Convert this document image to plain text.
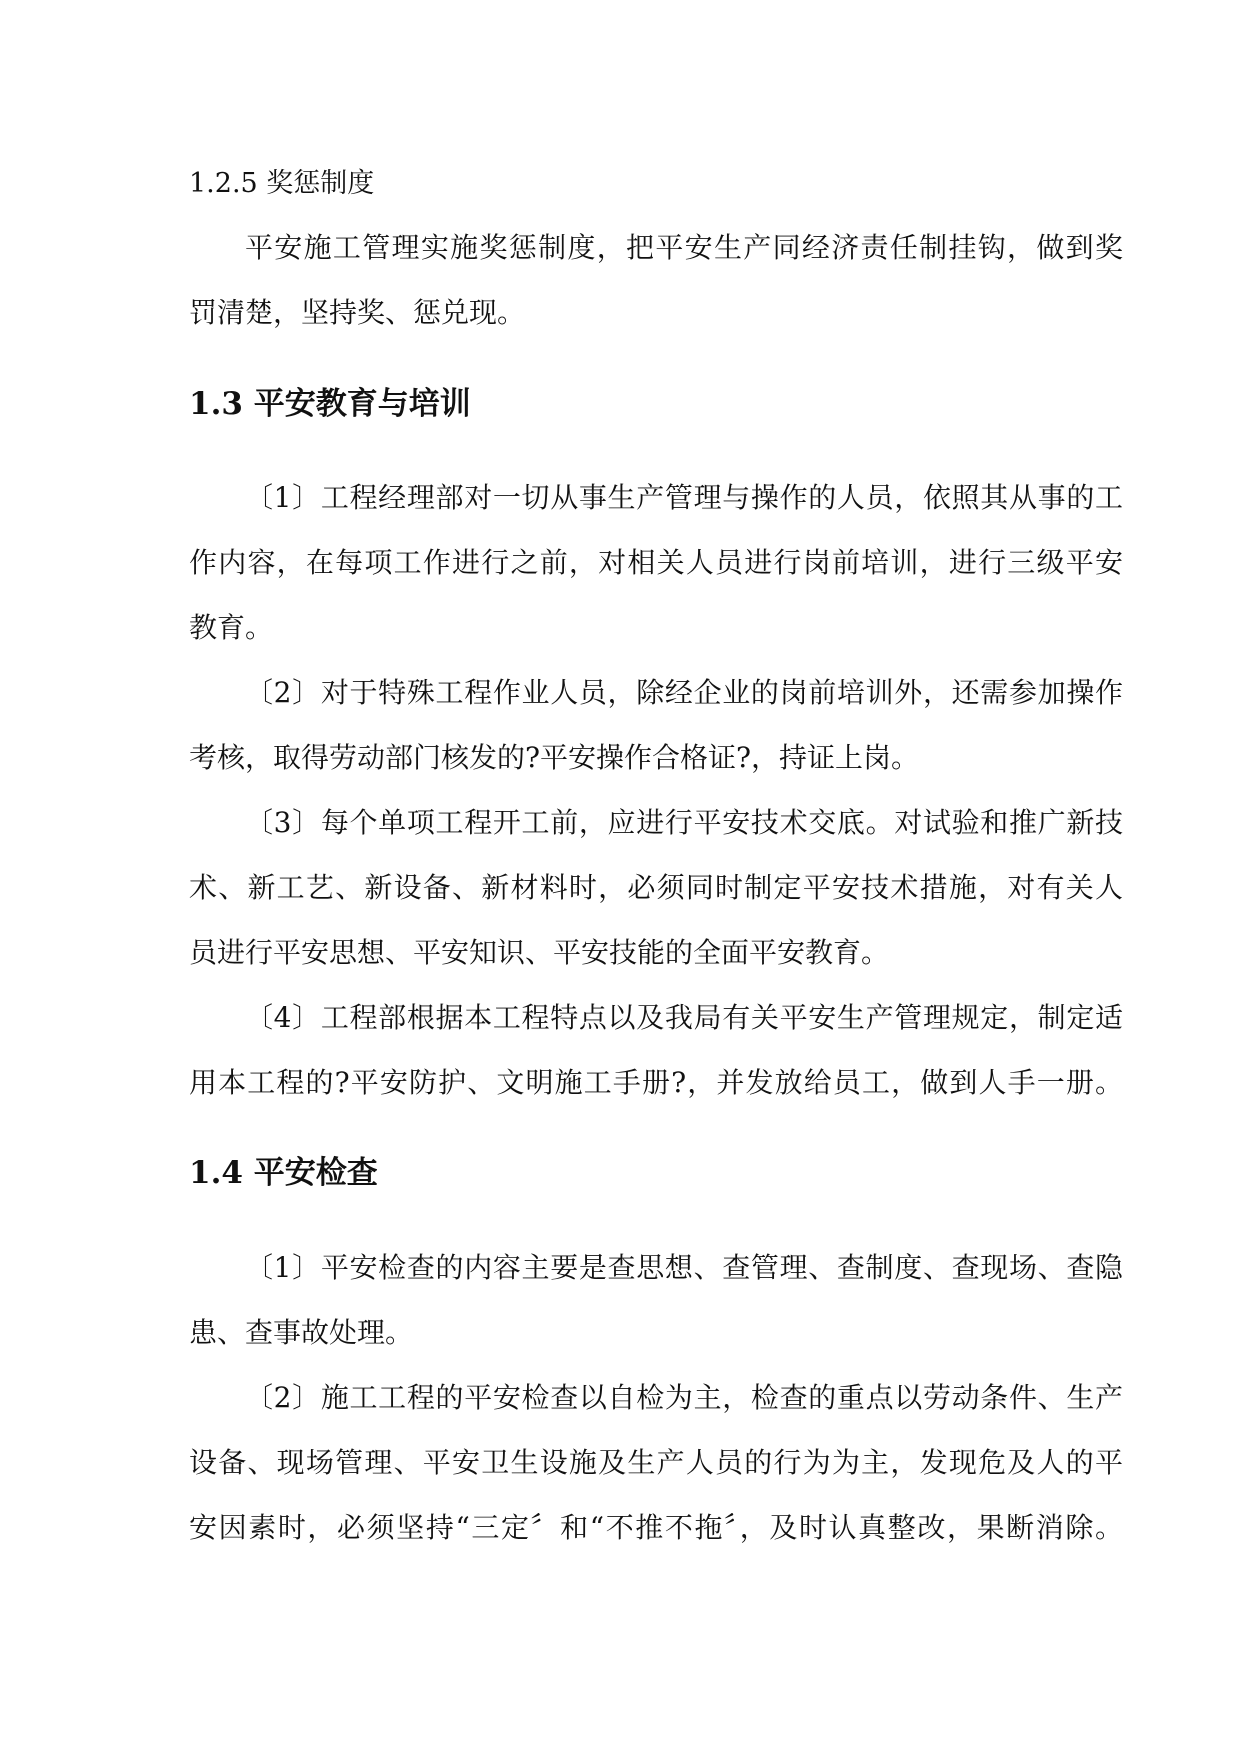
1.2.5 奖惩制度
平安施工管理实施奖惩制度，把平安生产同经济责任制挂钩，做到奖
罚清楚，坚持奖、惩兑现。
1.3 平安教育与培训
〔1〕工程经理部对一切从事生产管理与操作的人员，依照其从事的工
作内容，在每项工作进行之前，对相关人员进行岗前培训，进行三级平安
教育。
〔2〕对于特殊工程作业人员，除经企业的岗前培训外，还需参加操作
考核，取得劳动部门核发的?平安操作合格证?，持证上岗。
〔3〕每个单项工程开工前，应进行平安技术交底。对试验和推广新技
术、新工艺、新设备、新材料时，必须同时制定平安技术措施，对有关人
员进行平安思想、平安知识、平安技能的全面平安教育。
〔4〕工程部根据本工程特点以及我局有关平安生产管理规定，制定适
用本工程的?平安防护、文明施工手册?，并发放给员工，做到人手一册。
1.4 平安检查
〔1〕平安检查的内容主要是查思想、查管理、查制度、查现场、查隐
患、查事故处理。
〔2〕施工工程的平安检查以自检为主，检查的重点以劳动条件、生产
设备、现场管理、平安卫生设施及生产人员的行为为主，发现危及人的平
安因素时，必须坚持“三定〞和“不推不拖〞，及时认真整改，果断消除。
